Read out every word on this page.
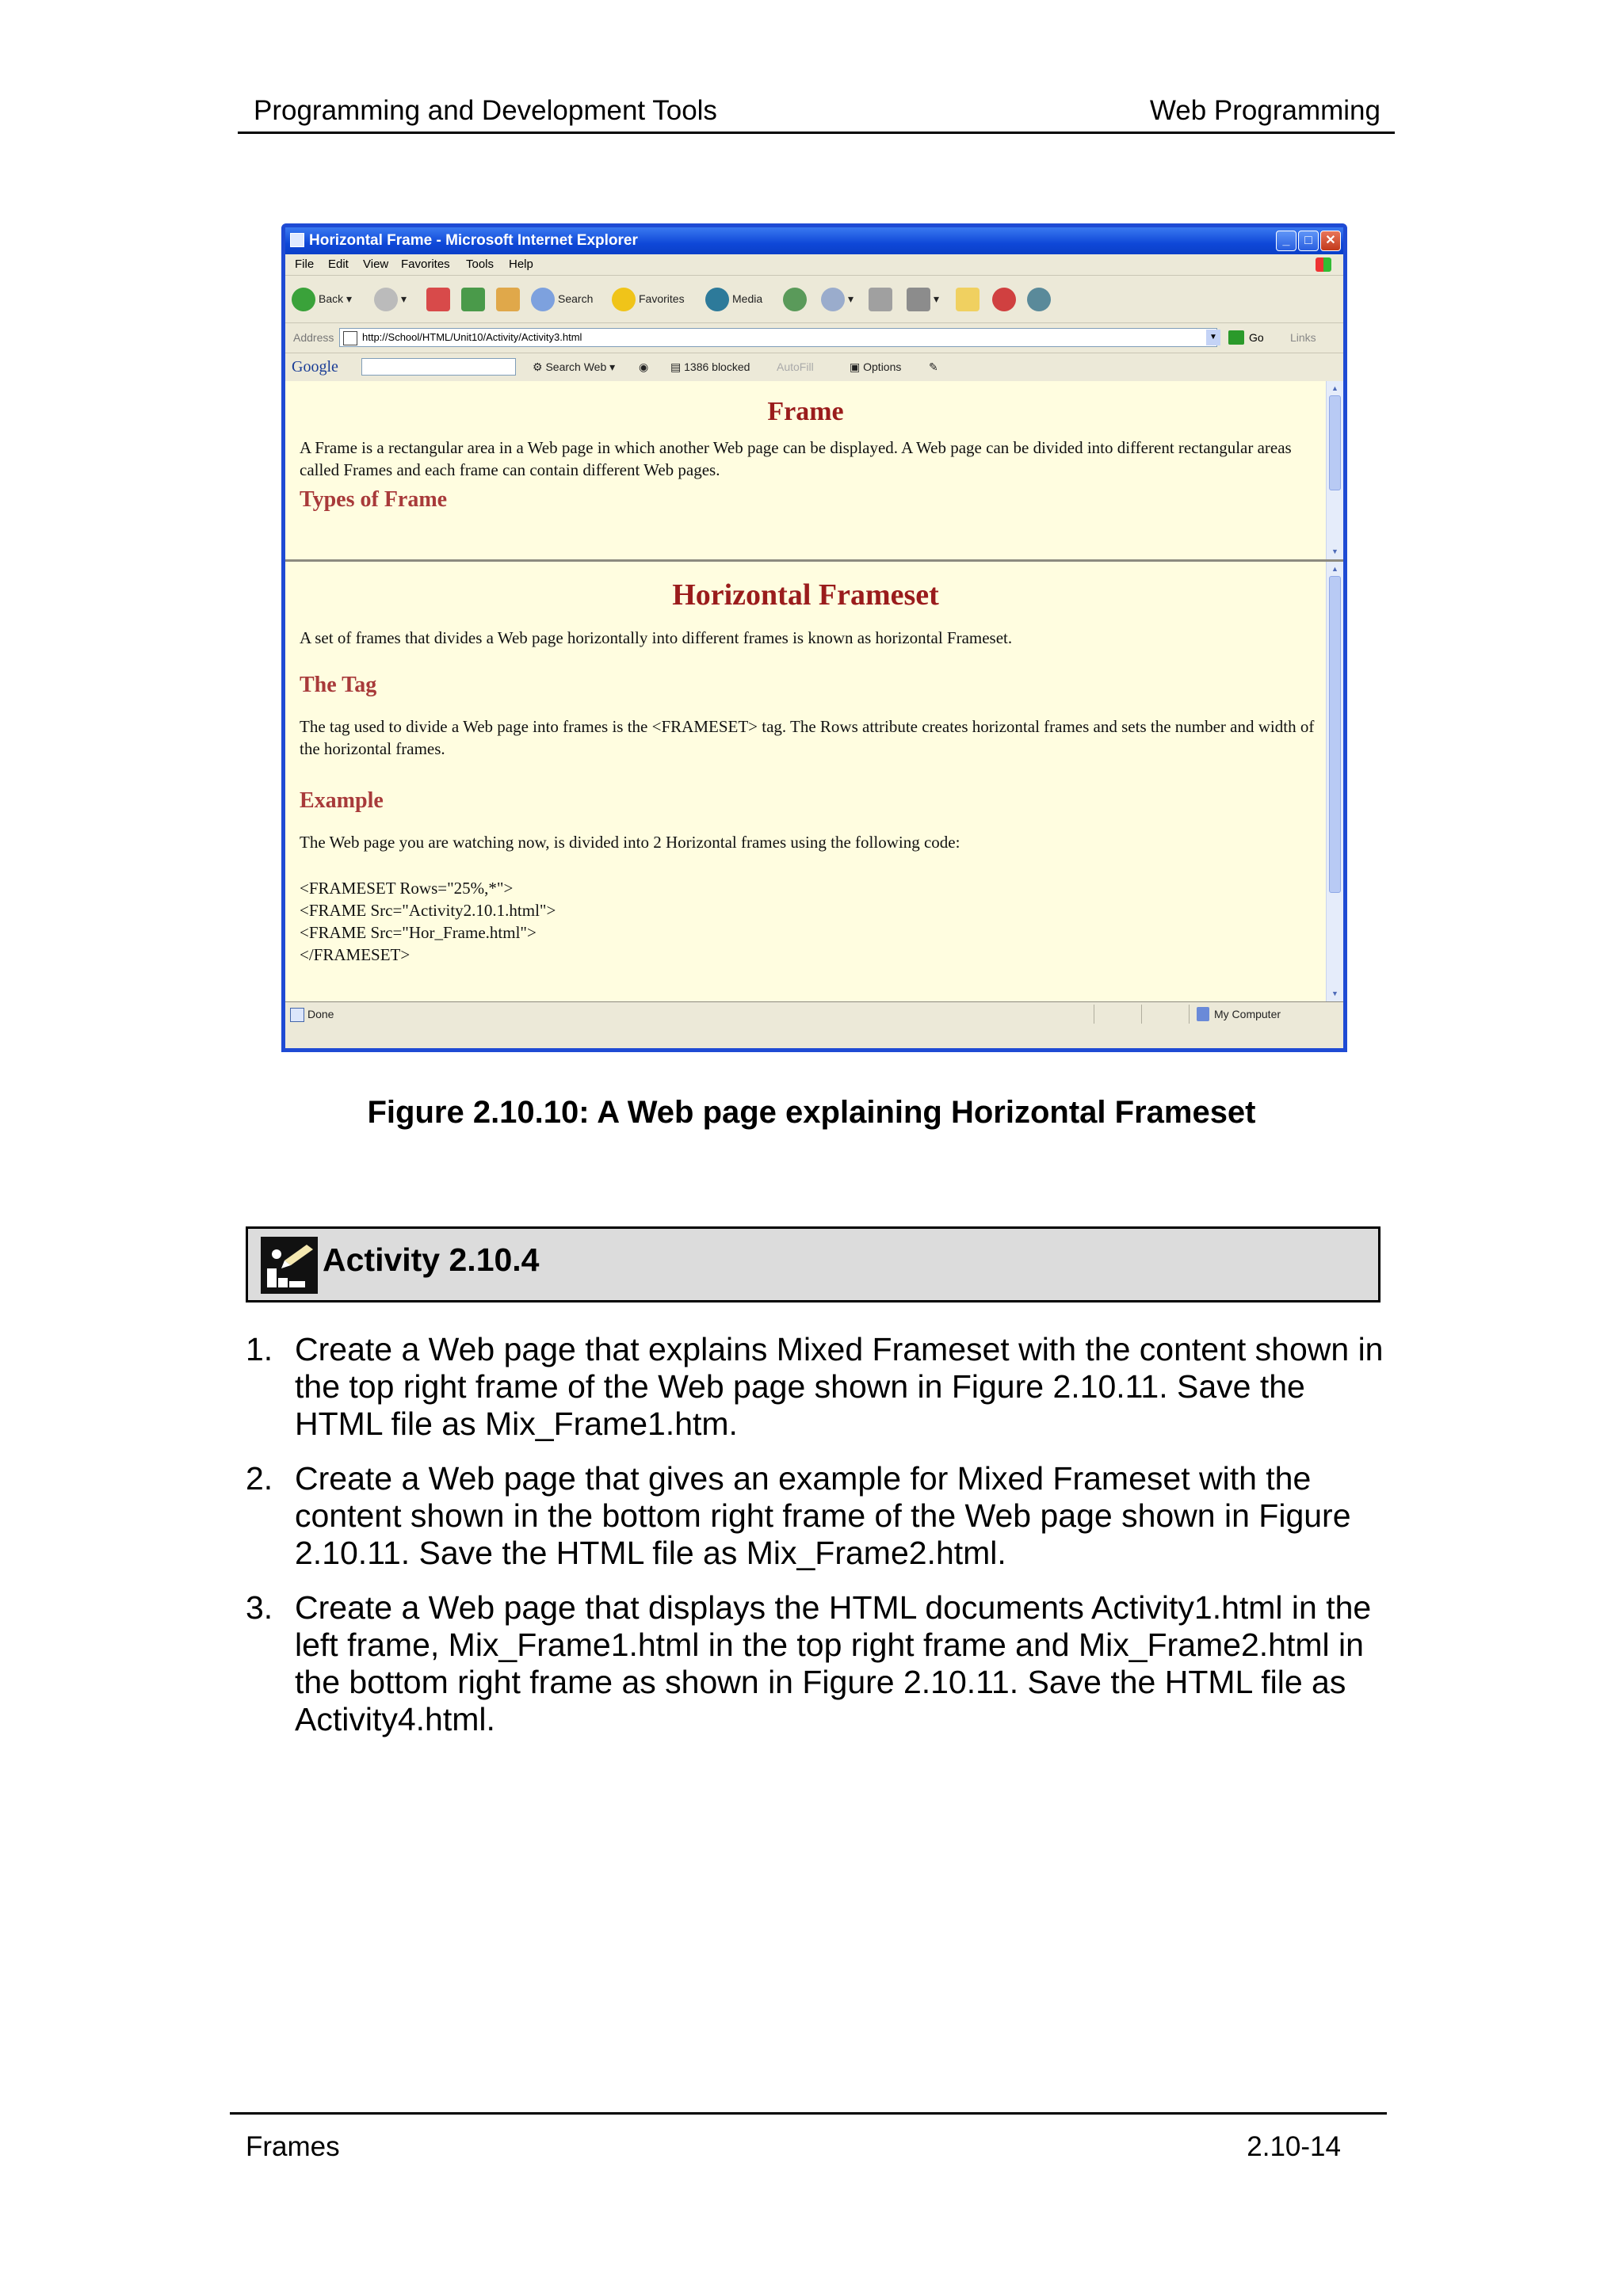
Programming and Development Tools	Web Programming
Horizontal Frame - Microsoft Internet Explorer	_	□	✕
File Edit View Favorites Tools Help
Back ▾	▾	Search	Favorites	Media	▾	▾
Address	http://School/HTML/Unit10/Activity/Activity3.html	▼	Go Links
Google	⚙ Search Web ▾ ◉ ▤ 1386 blocked AutoFill	▣ Options ✎
Frame

A Frame is a rectangular area in a Web page in which another Web page can be displayed. A Web page can be divided into different rectangular areas called Frames and each frame can contain different Web pages.

Types of Frame
▲
▼
Horizontal Frameset

A set of frames that divides a Web page horizontally into different frames is known as horizontal Frameset.

The Tag

The tag used to divide a Web page into frames is the <FRAMESET> tag. The Rows attribute creates horizontal frames and sets the number and width of the horizontal frames.

Example

The Web page you are watching now, is divided into 2 Horizontal frames using the following code:

<FRAMESET Rows="25%,*">
<FRAME Src="Activity2.10.1.html">
<FRAME Src="Hor_Frame.html">
</FRAMESET>
▲
▼
Done	My Computer
Figure 2.10.10: A Web page explaining Horizontal Frameset
Activity 2.10.4
1. Create a Web page that explains Mixed Frameset with the content shown in the top right frame of the Web page shown in Figure 2.10.11. Save the HTML file as Mix_Frame1.htm.
2. Create a Web page that gives an example for Mixed Frameset with the content shown in the bottom right frame of the Web page shown in Figure 2.10.11. Save the HTML file as Mix_Frame2.html.
3. Create a Web page that displays the HTML documents Activity1.html in the left frame, Mix_Frame1.html in the top right frame and Mix_Frame2.html in the bottom right frame as shown in Figure 2.10.11. Save the HTML file as Activity4.html.
Frames	2.10-14
